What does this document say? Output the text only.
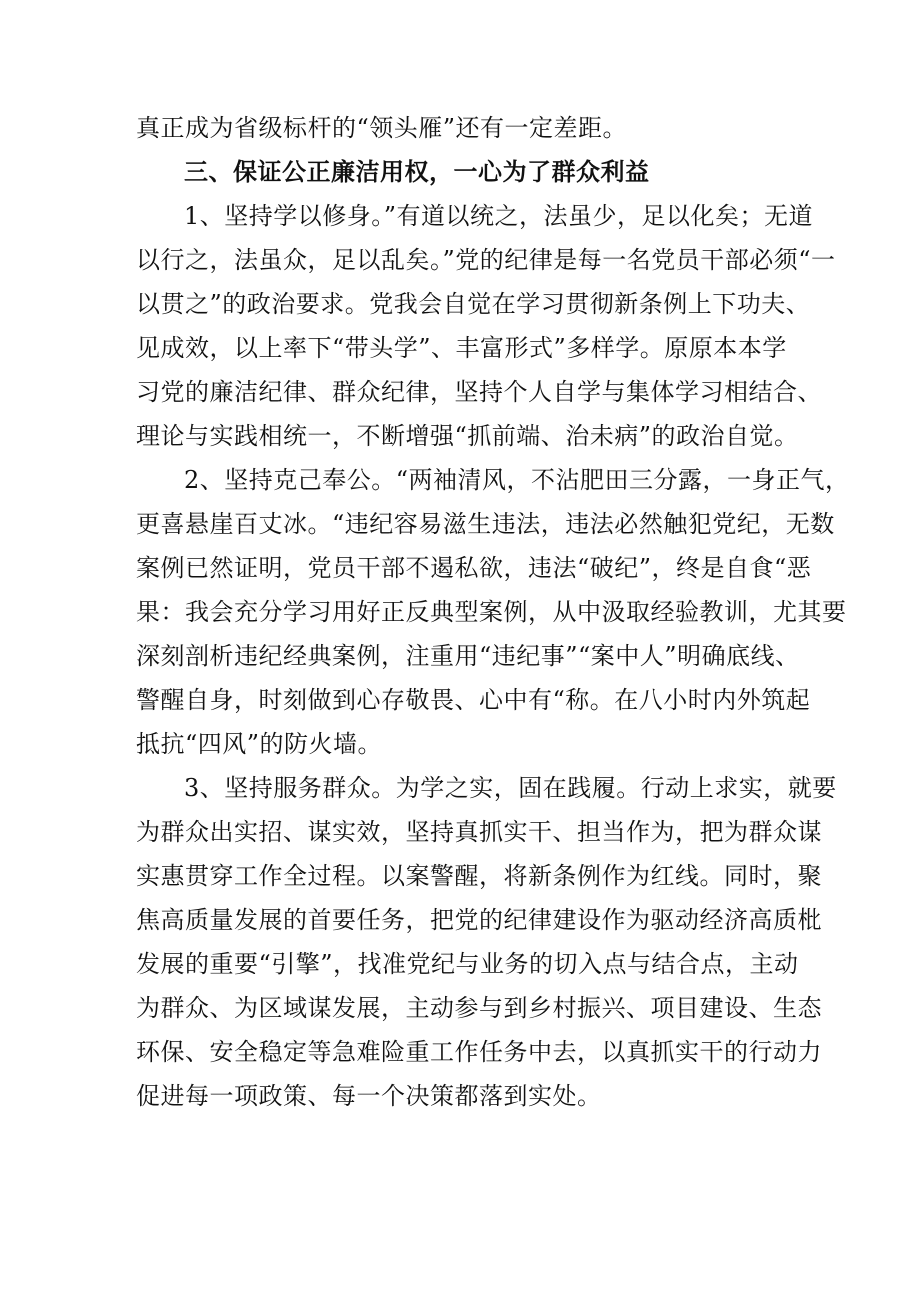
真正成为省级标杆的“领头雁”还有一定差距。
三、保证公正廉洁用权，一心为了群众利益
1、坚持学以修身。”有道以统之，法虽少，足以化矣；无道
以行之，法虽众，足以乱矣。”党的纪律是每一名党员干部必须“一
以贯之”的政治要求。党我会自觉在学习贯彻新条例上下功夫、
见成效，以上率下“带头学”、丰富形式”多样学。原原本本学
习党的廉洁纪律、群众纪律，坚持个人自学与集体学习相结合、
理论与实践相统一，不断增强“抓前端、治未病”的政治自觉。
2、坚持克己奉公。“两袖清风，不沾肥田三分露，一身正气，
更喜悬崖百丈冰。“违纪容易滋生违法，违法必然触犯党纪，无数
案例已然证明，党员干部不遏私欲，违法“破纪”，终是自食“恶
果：我会充分学习用好正反典型案例，从中汲取经验教训，尤其要
深刻剖析违纪经典案例，注重用“违纪事”“案中人”明确底线、
警醒自身，时刻做到心存敬畏、心中有“称。在八小时内外筑起
抵抗“四风”的防火墙。
3、坚持服务群众。为学之实，固在践履。行动上求实，就要
为群众出实招、谋实效，坚持真抓实干、担当作为，把为群众谋
实惠贯穿工作全过程。以案警醒，将新条例作为红线。同时，聚
焦高质量发展的首要任务，把党的纪律建设作为驱动经济高质枇
发展的重要“引擎”，找准党纪与业务的切入点与结合点，主动
为群众、为区域谋发展，主动参与到乡村振兴、项目建设、生态
环保、安全稳定等急难险重工作任务中去，以真抓实干的行动力
促进每一项政策、每一个决策都落到实处。
